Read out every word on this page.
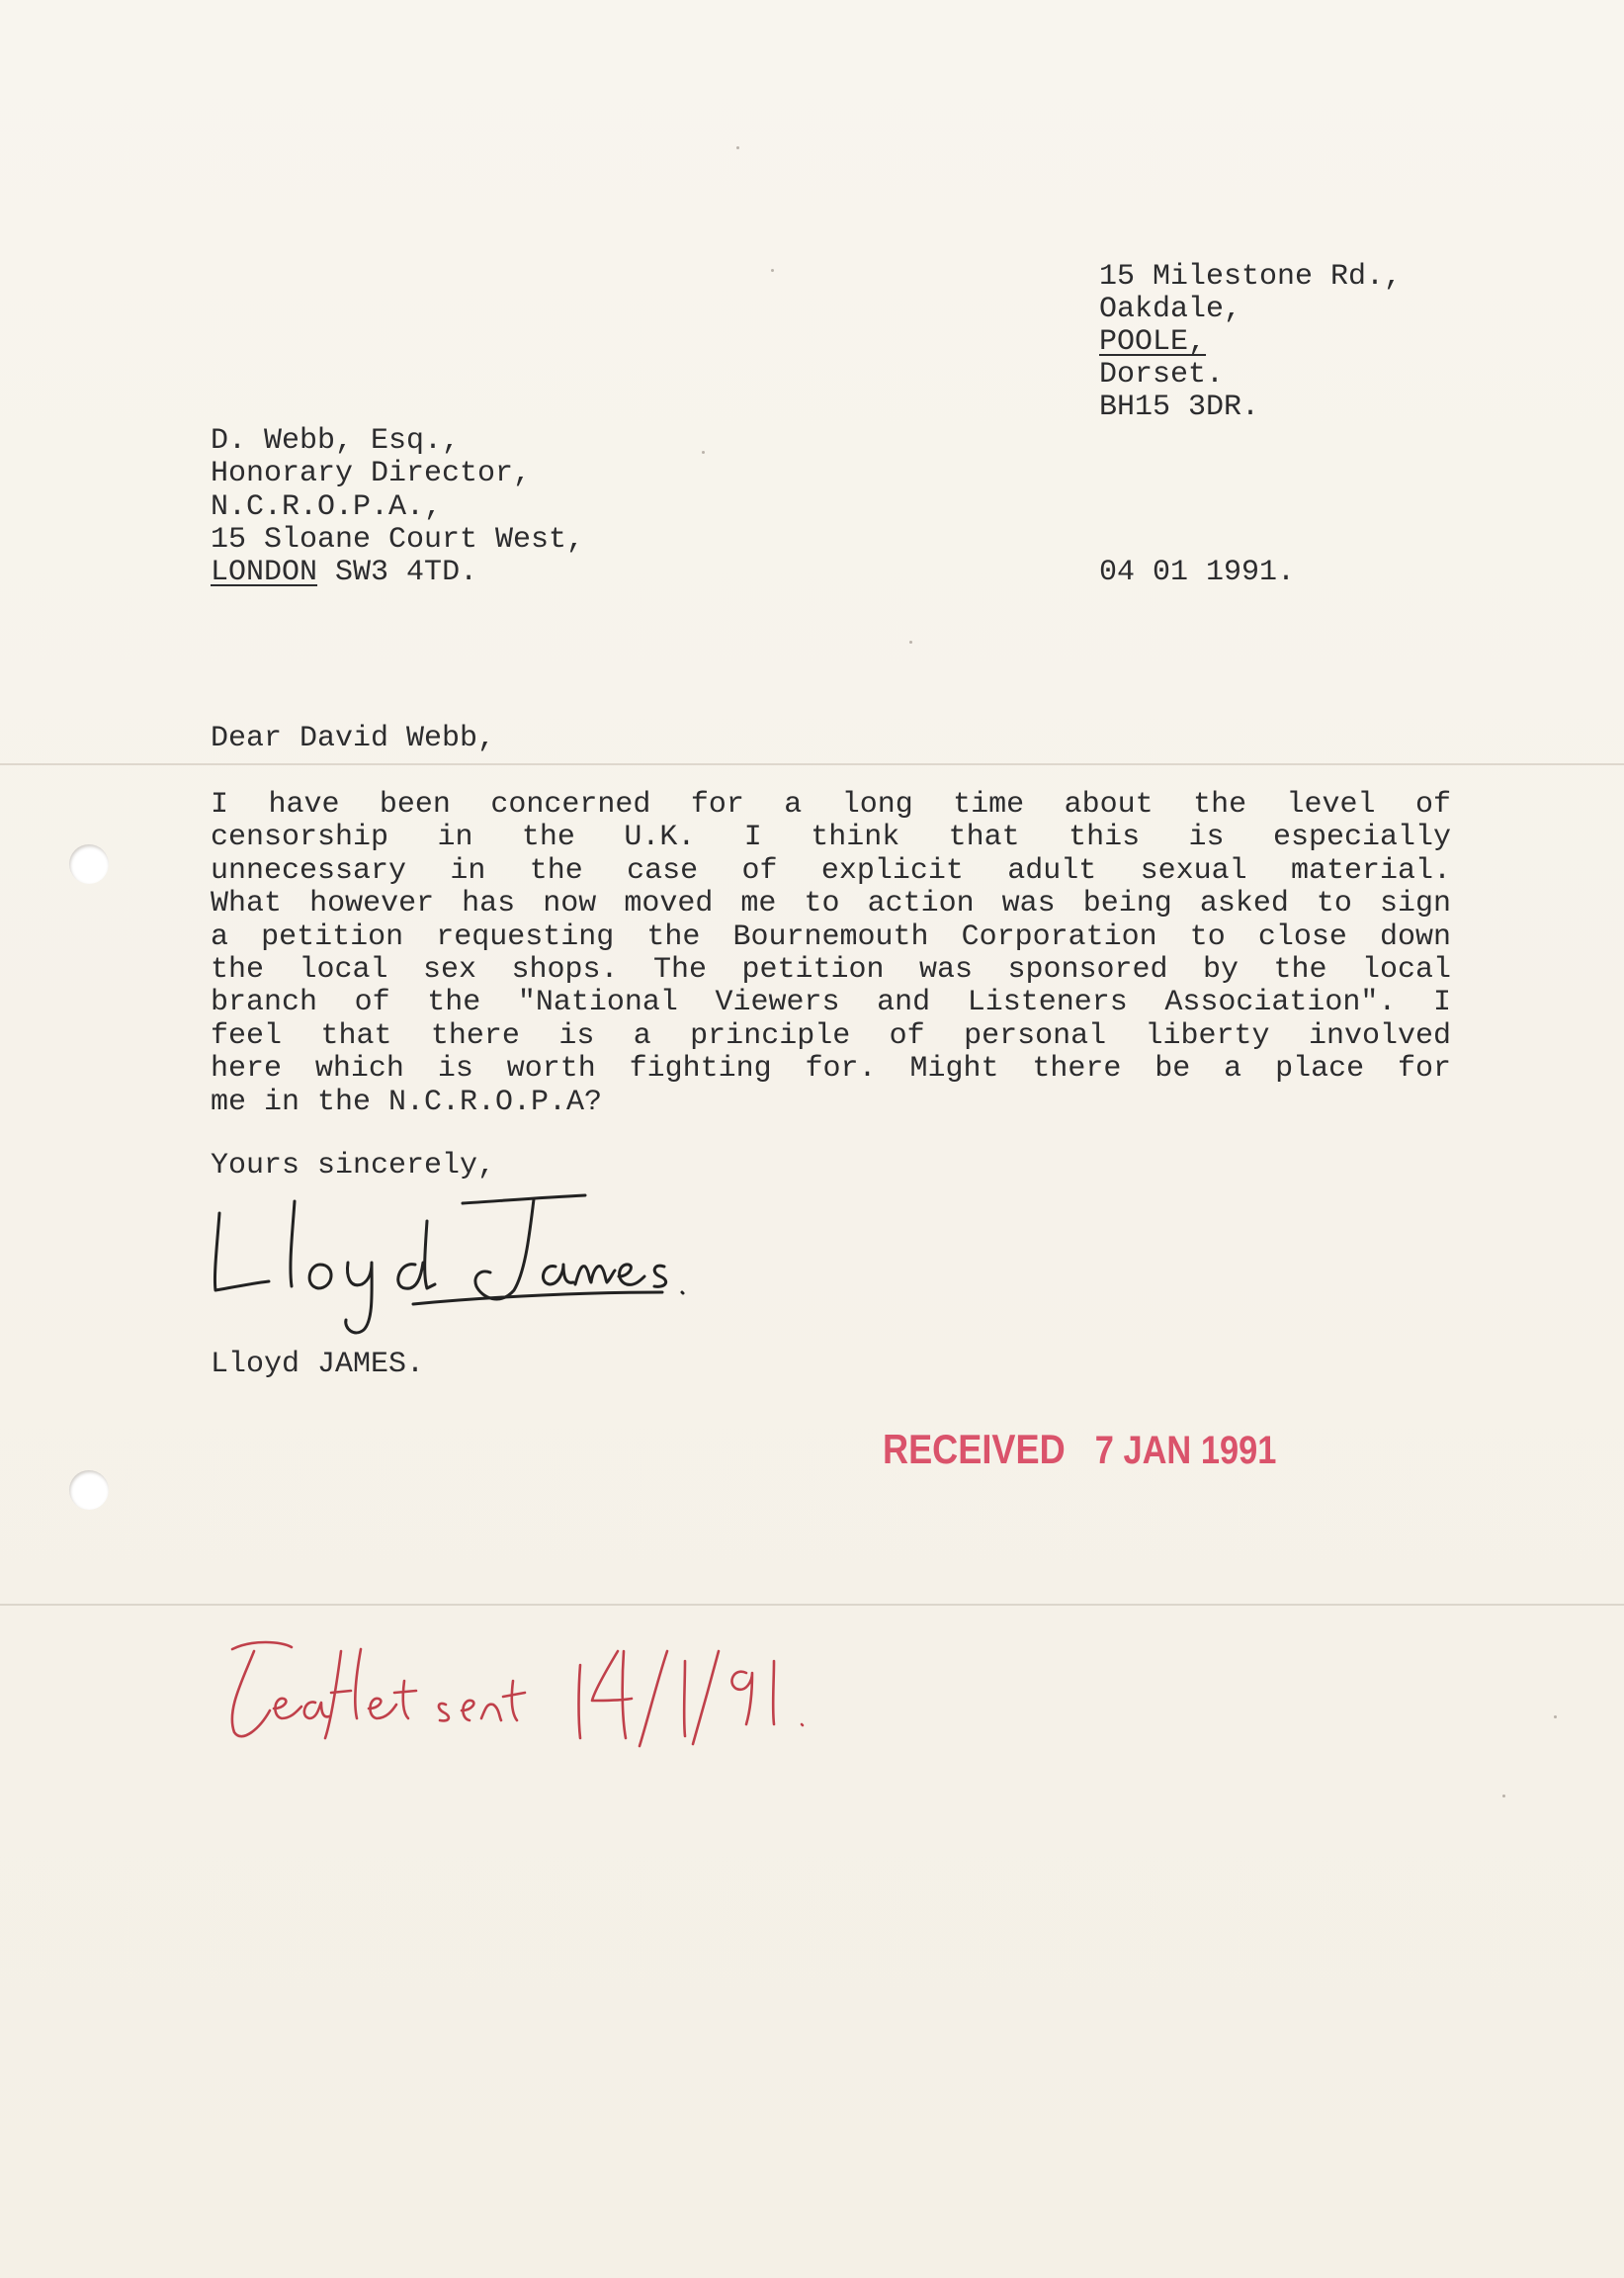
15 Milestone Rd.,
Oakdale,
POOLE,
Dorset.
BH15 3DR.
D. Webb, Esq.,
Honorary Director,
N.C.R.O.P.A.,
15 Sloane Court West,
LONDON SW3 4TD.	04 01 1991.
Dear David Webb,
I have been concerned for a long time about the level of
censorship in the U.K. I think that this is especially
unnecessary in the case of explicit adult sexual material.
What however has now moved me to action was being asked to sign
a petition requesting the Bournemouth Corporation to close down
the local sex shops. The petition was sponsored by the local
branch of the "National Viewers and Listeners Association". I
feel that there is a principle of personal liberty involved
here which is worth fighting for. Might there be a place for
me in the N.C.R.O.P.A?
Yours sincerely,
Lloyd JAMES.
RECEIVED 7 JAN 1991
